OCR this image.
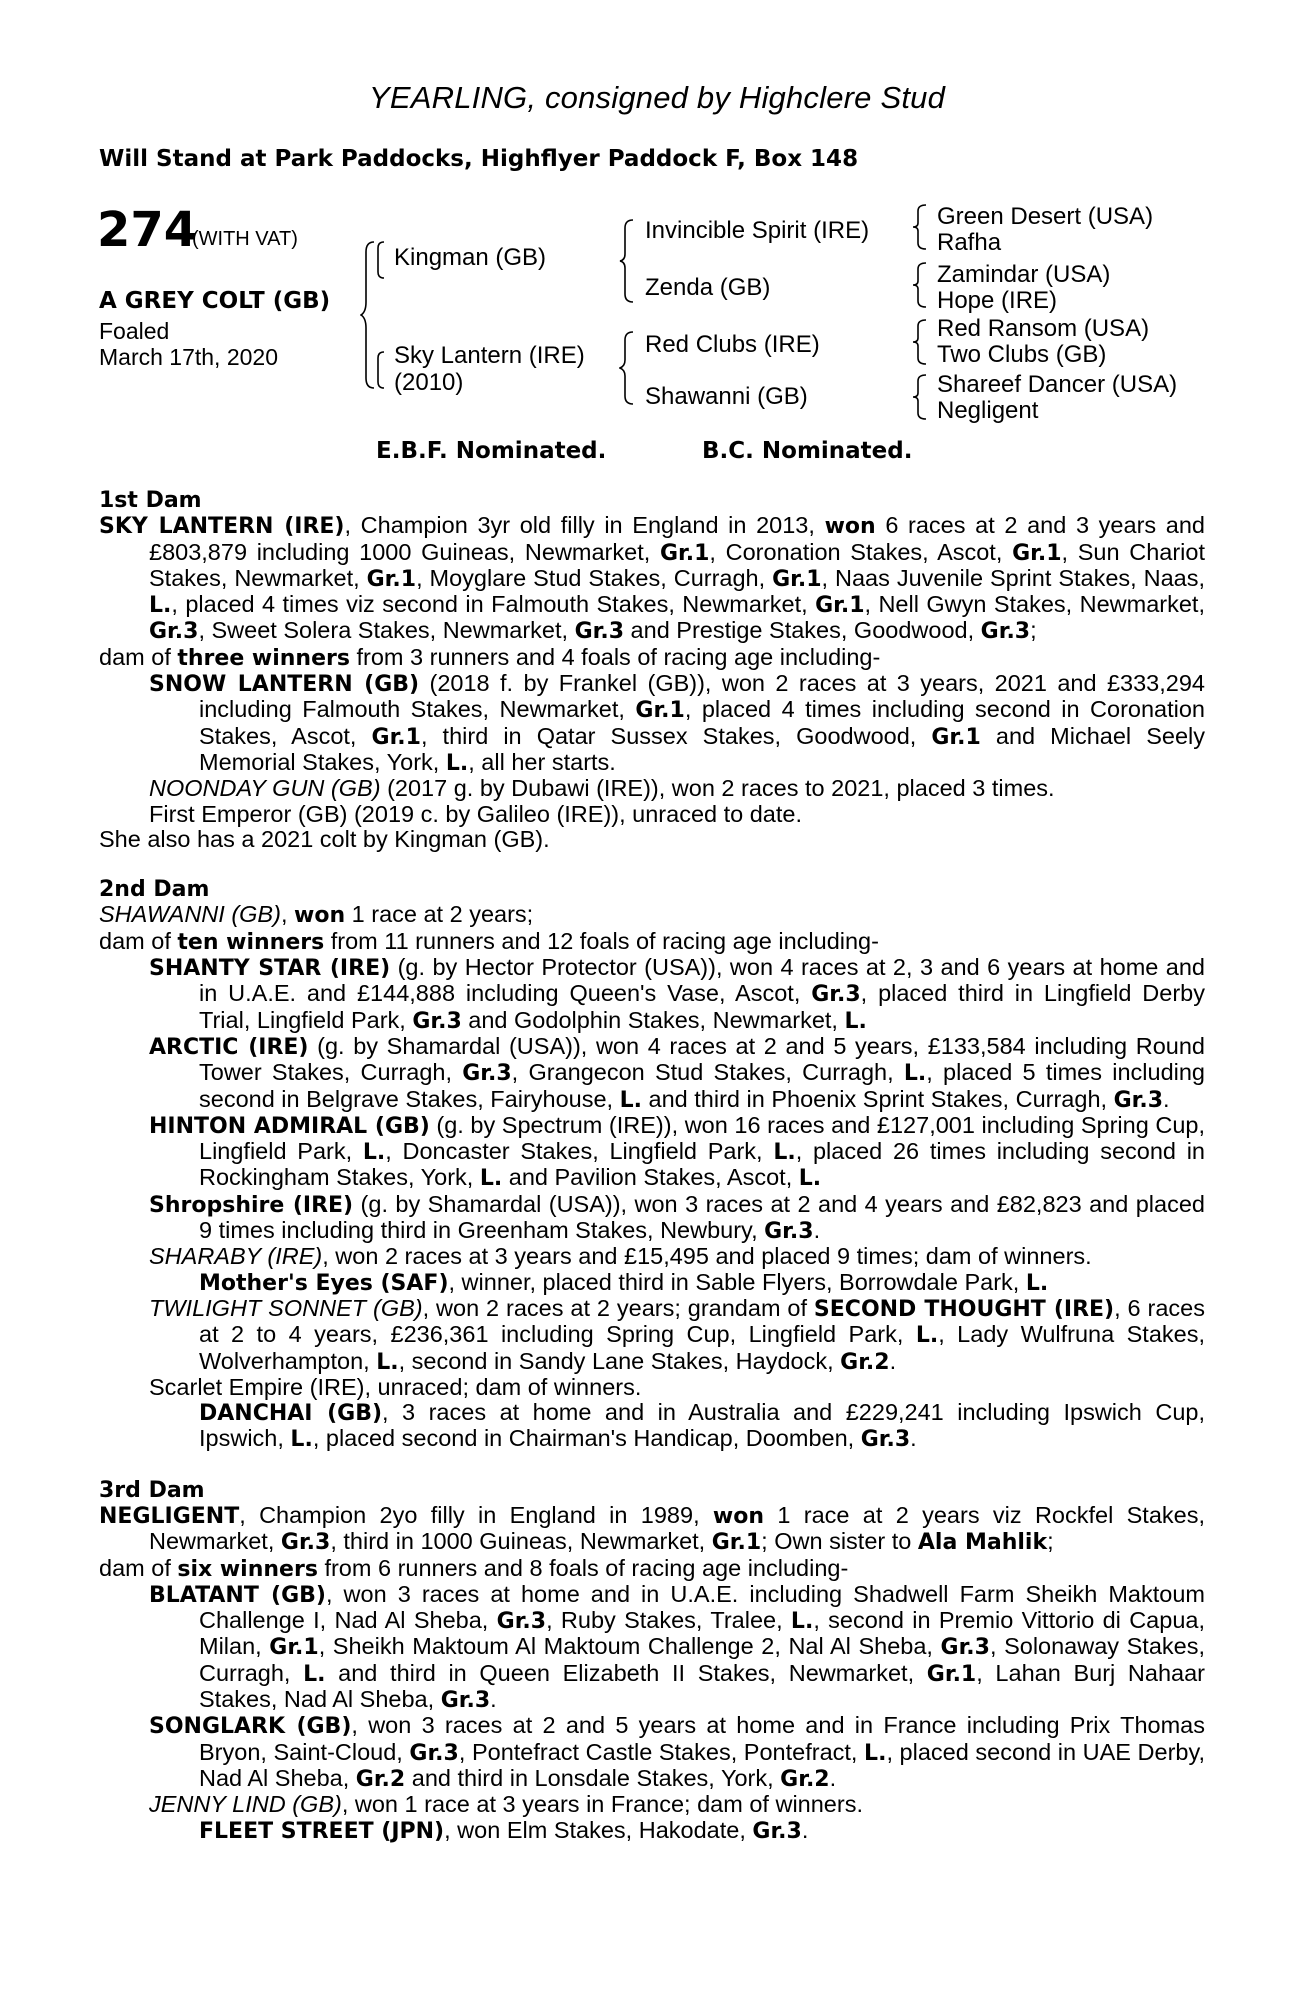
YEARLING, consigned by Highclere Stud
Will Stand at Park Paddocks, Highflyer Paddock F, Box 148
274
(WITH VAT)
A GREY COLT (GB)
Foaled
March 17th, 2020
Kingman (GB)
Sky Lantern (IRE)
(2010)
Invincible Spirit (IRE)
Zenda (GB)
Red Clubs (IRE)
Shawanni (GB)
Green Desert (USA)
Rafha
Zamindar (USA)
Hope (IRE)
Red Ransom (USA)
Two Clubs (GB)
Shareef Dancer (USA)
Negligent
E.B.F. Nominated.	B.C. Nominated.
1st Dam
SKY LANTERN (IRE), Champion 3yr old filly in England in 2013, won 6 races at 2 and 3 years and £803,879 including 1000 Guineas, Newmarket, Gr.1, Coronation Stakes, Ascot, Gr.1, Sun Chariot Stakes, Newmarket, Gr.1, Moyglare Stud Stakes, Curragh, Gr.1, Naas Juvenile Sprint Stakes, Naas, L., placed 4 times viz second in Falmouth Stakes, Newmarket, Gr.1, Nell Gwyn Stakes, Newmarket, Gr.3, Sweet Solera Stakes, Newmarket, Gr.3 and Prestige Stakes, Goodwood, Gr.3;
dam of three winners from 3 runners and 4 foals of racing age including-
SNOW LANTERN (GB) (2018 f. by Frankel (GB)), won 2 races at 3 years, 2021 and £333,294 including Falmouth Stakes, Newmarket, Gr.1, placed 4 times including second in Coronation Stakes, Ascot, Gr.1, third in Qatar Sussex Stakes, Goodwood, Gr.1 and Michael Seely Memorial Stakes, York, L., all her starts.
NOONDAY GUN (GB) (2017 g. by Dubawi (IRE)), won 2 races to 2021, placed 3 times.
First Emperor (GB) (2019 c. by Galileo (IRE)), unraced to date.
She also has a 2021 colt by Kingman (GB).
2nd Dam
SHAWANNI (GB), won 1 race at 2 years;
dam of ten winners from 11 runners and 12 foals of racing age including-
SHANTY STAR (IRE) (g. by Hector Protector (USA)), won 4 races at 2, 3 and 6 years at home and in U.A.E. and £144,888 including Queen's Vase, Ascot, Gr.3, placed third in Lingfield Derby Trial, Lingfield Park, Gr.3 and Godolphin Stakes, Newmarket, L.
ARCTIC (IRE) (g. by Shamardal (USA)), won 4 races at 2 and 5 years, £133,584 including Round Tower Stakes, Curragh, Gr.3, Grangecon Stud Stakes, Curragh, L., placed 5 times including second in Belgrave Stakes, Fairyhouse, L. and third in Phoenix Sprint Stakes, Curragh, Gr.3.
HINTON ADMIRAL (GB) (g. by Spectrum (IRE)), won 16 races and £127,001 including Spring Cup, Lingfield Park, L., Doncaster Stakes, Lingfield Park, L., placed 26 times including second in Rockingham Stakes, York, L. and Pavilion Stakes, Ascot, L.
Shropshire (IRE) (g. by Shamardal (USA)), won 3 races at 2 and 4 years and £82,823 and placed 9 times including third in Greenham Stakes, Newbury, Gr.3.
SHARABY (IRE), won 2 races at 3 years and £15,495 and placed 9 times; dam of winners.
Mother's Eyes (SAF), winner, placed third in Sable Flyers, Borrowdale Park, L.
TWILIGHT SONNET (GB), won 2 races at 2 years; grandam of SECOND THOUGHT (IRE), 6 races at 2 to 4 years, £236,361 including Spring Cup, Lingfield Park, L., Lady Wulfruna Stakes, Wolverhampton, L., second in Sandy Lane Stakes, Haydock, Gr.2.
Scarlet Empire (IRE), unraced; dam of winners.
DANCHAI (GB), 3 races at home and in Australia and £229,241 including Ipswich Cup, Ipswich, L., placed second in Chairman's Handicap, Doomben, Gr.3.
3rd Dam
NEGLIGENT, Champion 2yo filly in England in 1989, won 1 race at 2 years viz Rockfel Stakes, Newmarket, Gr.3, third in 1000 Guineas, Newmarket, Gr.1; Own sister to Ala Mahlik;
dam of six winners from 6 runners and 8 foals of racing age including-
BLATANT (GB), won 3 races at home and in U.A.E. including Shadwell Farm Sheikh Maktoum Challenge I, Nad Al Sheba, Gr.3, Ruby Stakes, Tralee, L., second in Premio Vittorio di Capua, Milan, Gr.1, Sheikh Maktoum Al Maktoum Challenge 2, Nal Al Sheba, Gr.3, Solonaway Stakes, Curragh, L. and third in Queen Elizabeth II Stakes, Newmarket, Gr.1, Lahan Burj Nahaar Stakes, Nad Al Sheba, Gr.3.
SONGLARK (GB), won 3 races at 2 and 5 years at home and in France including Prix Thomas Bryon, Saint-Cloud, Gr.3, Pontefract Castle Stakes, Pontefract, L., placed second in UAE Derby, Nad Al Sheba, Gr.2 and third in Lonsdale Stakes, York, Gr.2.
JENNY LIND (GB), won 1 race at 3 years in France; dam of winners.
FLEET STREET (JPN), won Elm Stakes, Hakodate, Gr.3.
